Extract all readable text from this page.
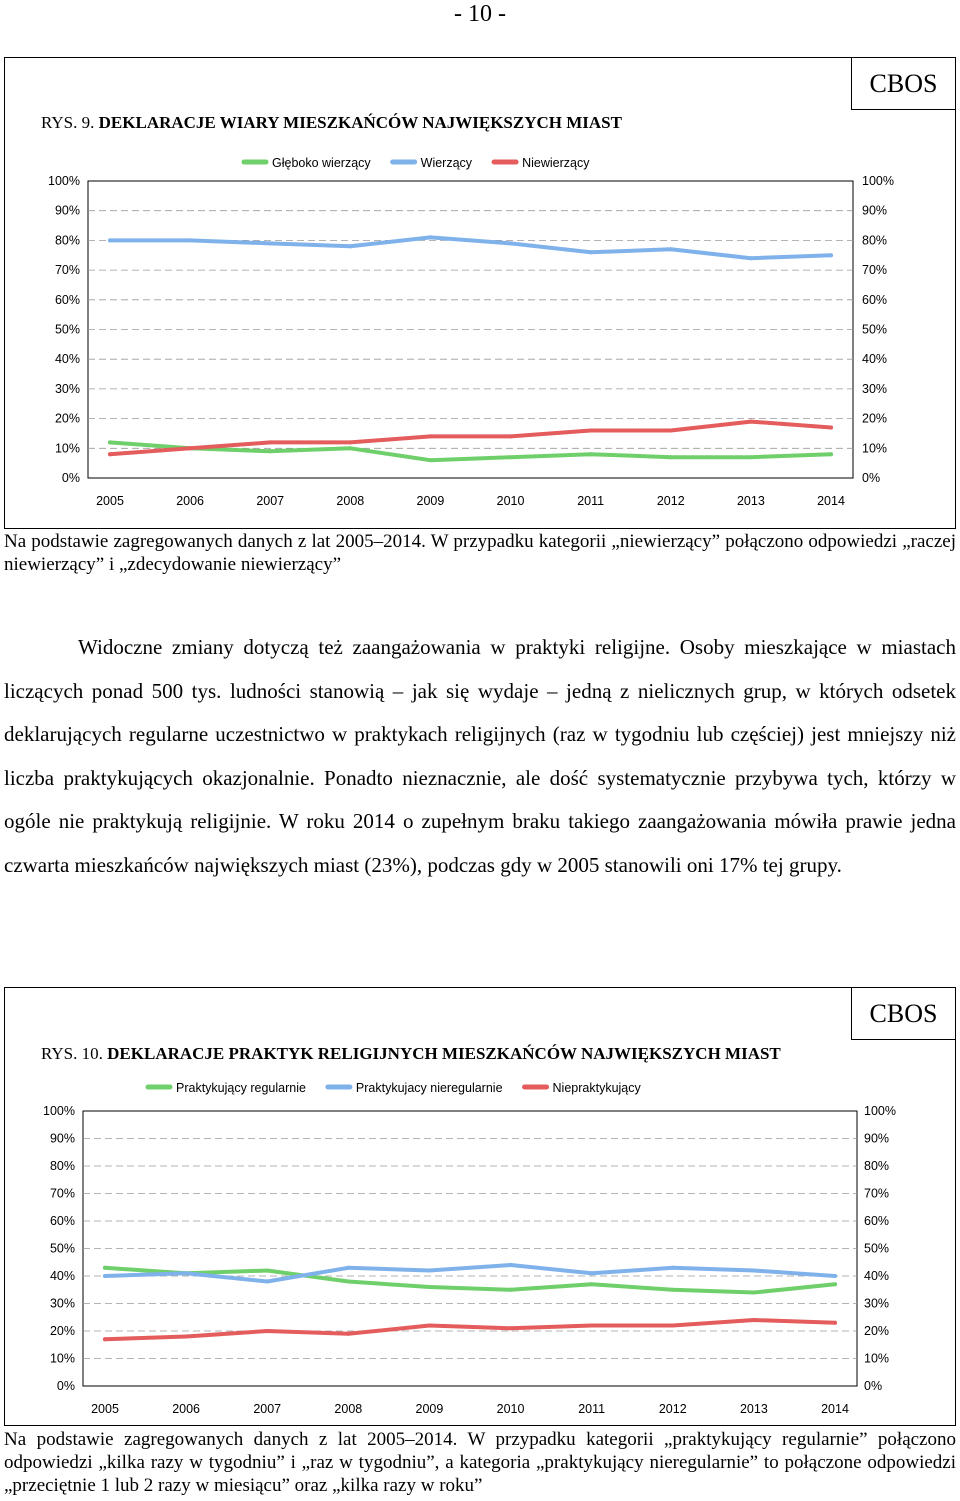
- 10 -
CBOS
RYS. 9. DEKLARACJE WIARY MIESZKAŃCÓW NAJWIĘKSZYCH MIAST
0%	0%
10%	10%
20%	20%
30%	30%
40%	40%
50%	50%
60%	60%
70%	70%
80%	80%
90%	90%
100%	100%
2005	2006	2007	2008	2009	2010	2011	2012	2013	2014
Głęboko wierzący	Wierzący	Niewierzący
Na podstawie zagregowanych danych z lat 2005–2014. W przypadku kategorii „niewierzący” połączono odpowiedzi „raczej niewierzący” i „zdecydowanie niewierzący”
Widoczne zmiany dotyczą też zaangażowania w praktyki religijne. Osoby mieszkające w miastach liczących ponad 500 tys. ludności stanowią – jak się wydaje – jedną z nielicznych grup, w których odsetek deklarujących regularne uczestnictwo w praktykach religijnych (raz w tygodniu lub częściej) jest mniejszy niż liczba praktykujących okazjonalnie. Ponadto nieznacznie, ale dość systematycznie przybywa tych, którzy w ogóle nie praktykują religijnie. W roku 2014 o zupełnym braku takiego zaangażowania mówiła prawie jedna czwarta mieszkańców największych miast (23%), podczas gdy w 2005 stanowili oni 17% tej grupy.
CBOS
RYS. 10. DEKLARACJE PRAKTYK RELIGIJNYCH MIESZKAŃCÓW NAJWIĘKSZYCH MIAST
0%	0%
10%	10%
20%	20%
30%	30%
40%	40%
50%	50%
60%	60%
70%	70%
80%	80%
90%	90%
100%	100%
2005	2006	2007	2008	2009	2010	2011	2012	2013	2014
Praktykujący regularnie	Praktykujacy nieregularnie	Niepraktykujący
Na podstawie zagregowanych danych z lat 2005–2014. W przypadku kategorii „praktykujący regularnie” połączono odpowiedzi „kilka razy w tygodniu” i „raz w tygodniu”, a kategoria „praktykujący nieregularnie” to połączone odpowiedzi „przeciętnie 1 lub 2 razy w miesiącu” oraz „kilka razy w roku”
